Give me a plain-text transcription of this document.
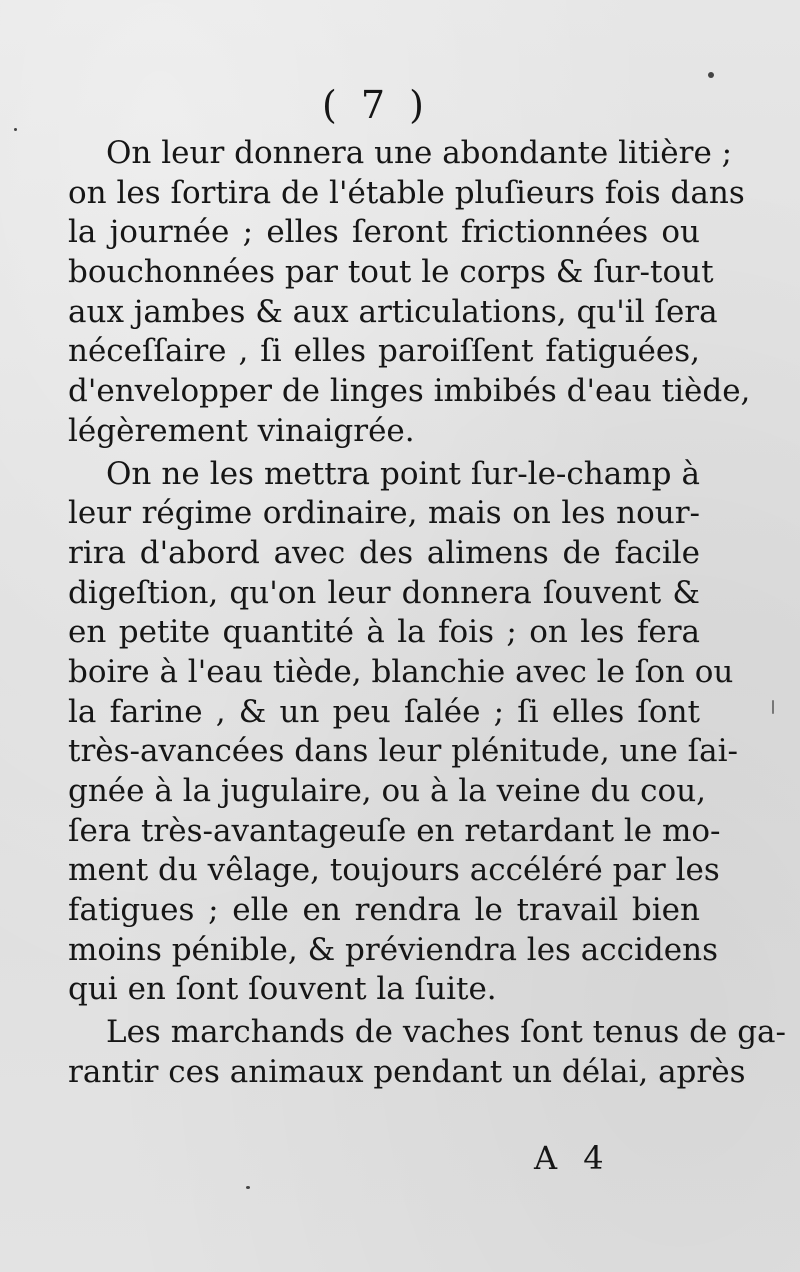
( 7 )
On leur donnera une abondante litière ;
on les ſortira de l'étable pluſieurs fois dans
la journée ; elles ſeront frictionnées ou
bouchonnées par tout le corps & ſur-tout
aux jambes & aux articulations, qu'il ſera
néceſſaire , ſi elles paroiſſent fatiguées,
d'envelopper de linges imbibés d'eau tiède,
légèrement vinaigrée.
On ne les mettra point ſur-le-champ à
leur régime ordinaire, mais on les nour-
rira d'abord avec des alimens de facile
digeſtion, qu'on leur donnera ſouvent &
en petite quantité à la fois ; on les fera
boire à l'eau tiède, blanchie avec le ſon ou
la farine , & un peu ſalée ; ſi elles ſont
très-avancées dans leur plénitude, une ſai-
gnée à la jugulaire, ou à la veine du cou,
ſera très-avantageuſe en retardant le mo-
ment du vêlage, toujours accéléré par les
fatigues ; elle en rendra le travail bien
moins pénible, & préviendra les accidens
qui en ſont ſouvent la ſuite.
Les marchands de vaches ſont tenus de ga-
rantir ces animaux pendant un délai, après
A 4
